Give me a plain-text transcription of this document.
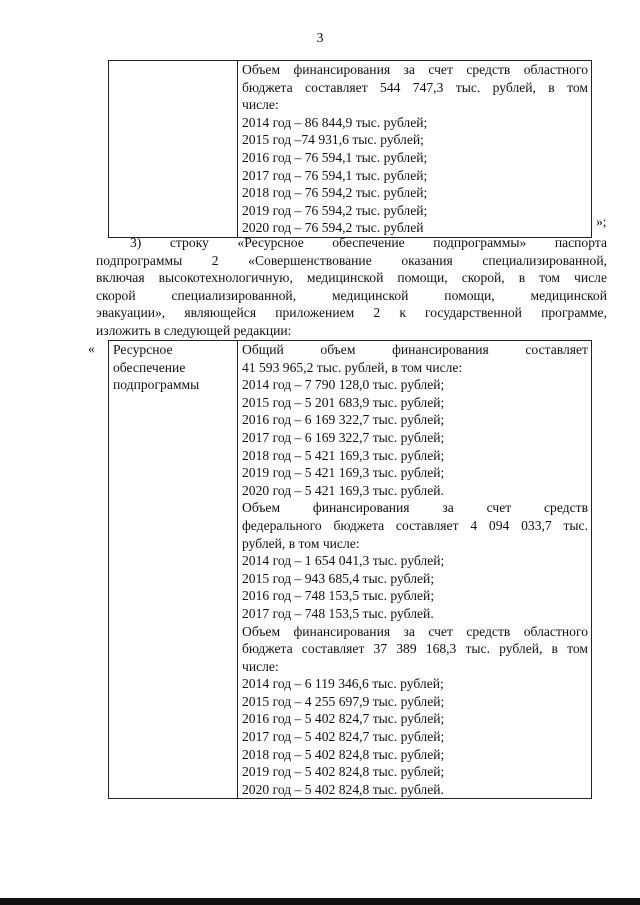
3

Объем финансирования за счет средств областного
бюджета составляет 544 747,3 тыс. рублей, в том
числе:
2014 год – 86 844,9 тыс. рублей;
2015 год –74 931,6 тыс. рублей;
2016 год – 76 594,1 тыс. рублей;
2017 год – 76 594,1 тыс. рублей;
2018 год – 76 594,2 тыс. рублей;
2019 год – 76 594,2 тыс. рублей;
2020 год – 76 594,2 тыс. рублей	»;
3) строку «Ресурсное обеспечение подпрограммы» паспорта
подпрограммы 2 «Совершенствование оказания специализированной,
включая высокотехнологичную, медицинской помощи, скорой, в том числе
скорой специализированной, медицинской помощи, медицинской
эвакуации», являющейся приложением 2 к государственной программе,
изложить в следующей редакции:
« Ресурсное
обеспечение
подпрограммы

Общий объем финансирования составляет
41 593 965,2 тыс. рублей, в том числе:
2014 год – 7 790 128,0 тыс. рублей;
2015 год – 5 201 683,9 тыс. рублей;
2016 год – 6 169 322,7 тыс. рублей;
2017 год – 6 169 322,7 тыс. рублей;
2018 год – 5 421 169,3 тыс. рублей;
2019 год – 5 421 169,3 тыс. рублей;
2020 год – 5 421 169,3 тыс. рублей.
Объем финансирования за счет средств
федерального бюджета составляет 4 094 033,7 тыс.
рублей, в том числе:
2014 год – 1 654 041,3 тыс. рублей;
2015 год – 943 685,4 тыс. рублей;
2016 год – 748 153,5 тыс. рублей;
2017 год – 748 153,5 тыс. рублей.
Объем финансирования за счет средств областного
бюджета составляет 37 389 168,3 тыс. рублей, в том
числе:
2014 год – 6 119 346,6 тыс. рублей;
2015 год – 4 255 697,9 тыс. рублей;
2016 год – 5 402 824,7 тыс. рублей;
2017 год – 5 402 824,7 тыс. рублей;
2018 год – 5 402 824,8 тыс. рублей;
2019 год – 5 402 824,8 тыс. рублей;
2020 год – 5 402 824,8 тыс. рублей.
